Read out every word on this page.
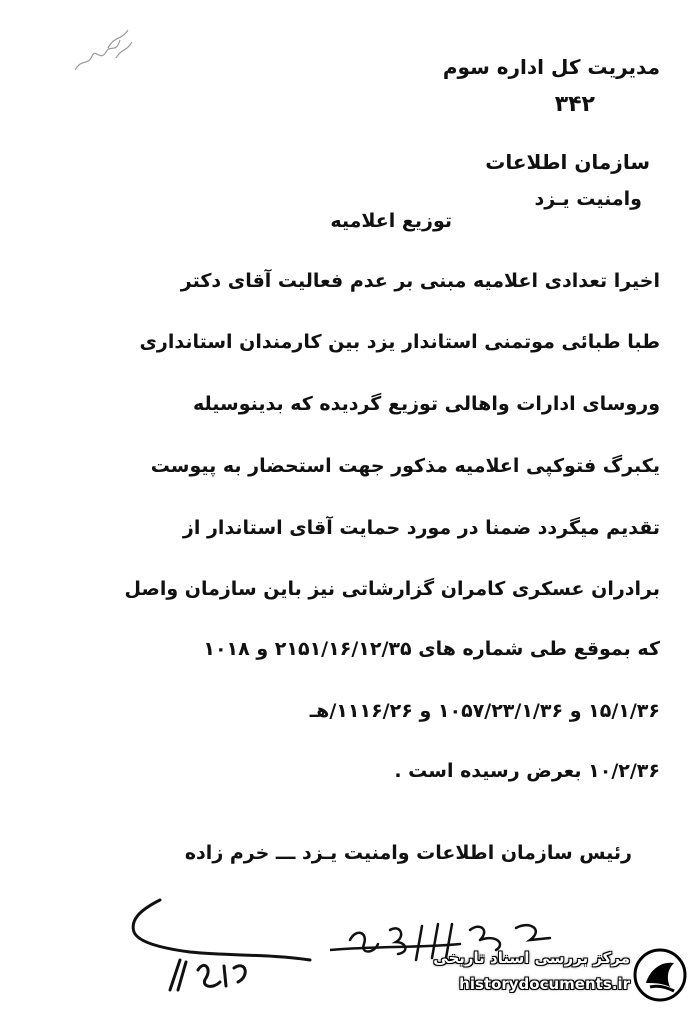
مدیریت کل اداره سوم
۳۴۲
سازمان اطلاعات
وامنیت یـزد
توزیع اعلامیه
اخیرا تعدادی اعلامیه مبنی بر عدم فعالیت آقای دکتر
طبا طبائی موتمنی استاندار یزد بین کارمندان استانداری
وروسای ادارات واهالی توزیع گردیده که بدینوسیله
یکبرگ فتوکپی اعلامیه مذکور جهت استحضار به پیوست
تقدیم میگردد ضمنا در مورد حمایت آقای استاندار از
برادران عسکری کامران گزارشاتی نیز باین سازمان واصل
که بموقع طی شماره های ۲۱۵۱/۱۶/۱۲/۳۵ و ۱۰۱۸
۱۵/۱/۳۶ و ۱۰۵۷/۲۳/۱/۳۶ و ۱۱۱۶/۲۶/هـ
۱۰/۲/۳۶ بعرض رسیده است .
رئیس سازمان اطلاعات وامنیت یـزد ـــ خرم زاده
مرکز بررسی اسناد تاریخی
historydocuments.ir
